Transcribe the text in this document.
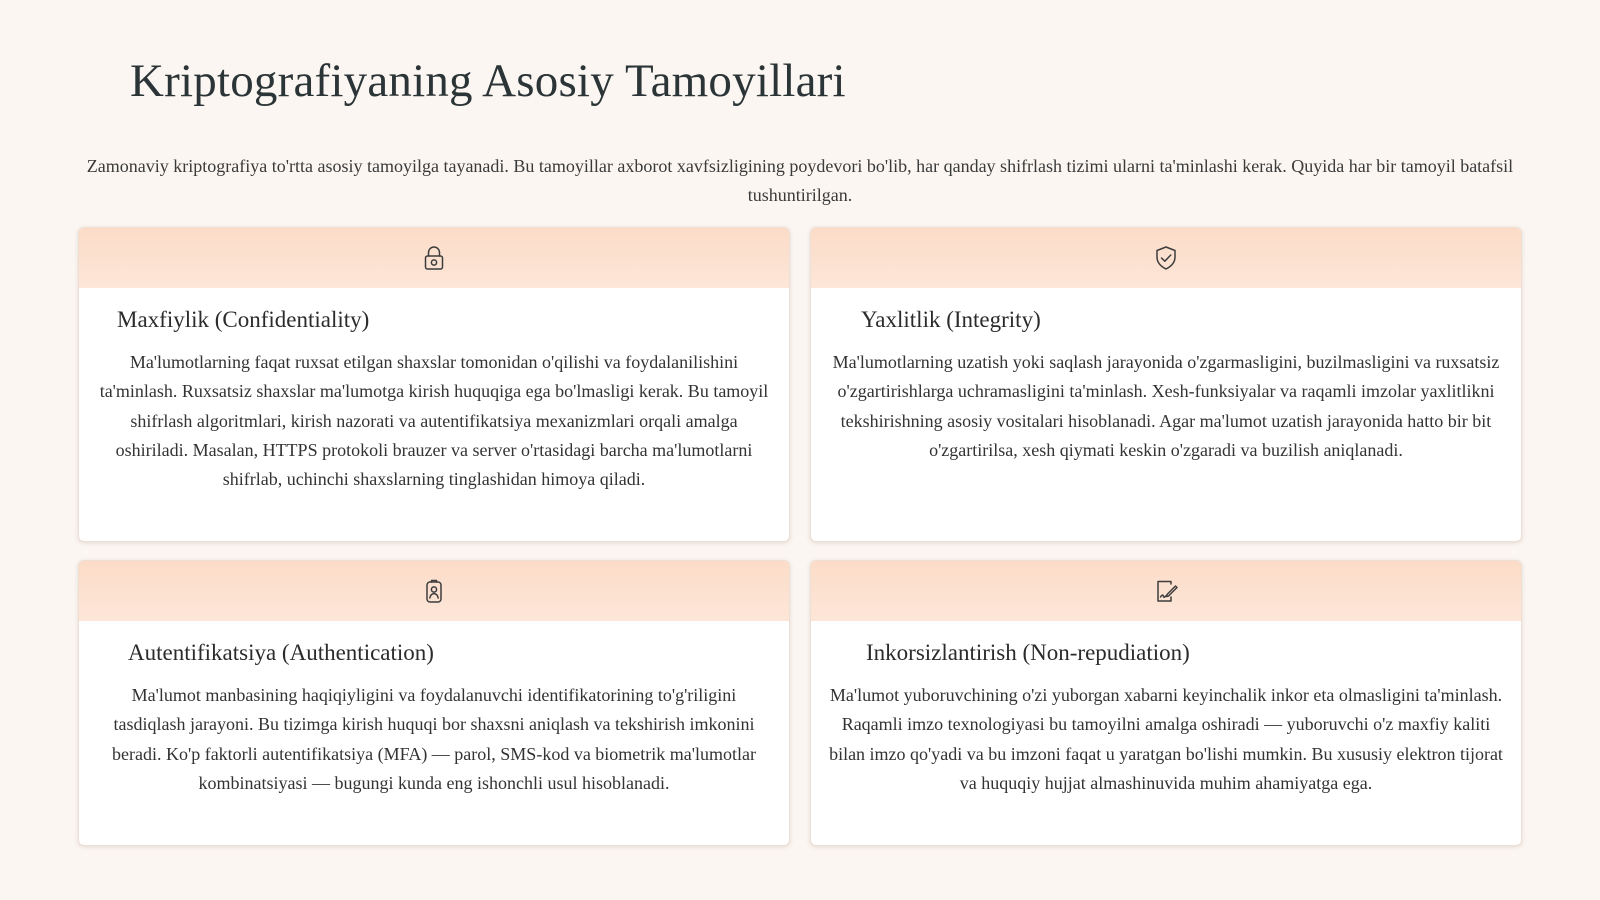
Kriptografiyaning Asosiy Tamoyillari

Zamonaviy kriptografiya to'rtta asosiy tamoyilga tayanadi. Bu tamoyillar axborot xavfsizligining poydevori bo'lib, har qanday shifrlash tizimi ularni ta'minlashi kerak. Quyida har bir tamoyil batafsil tushuntirilgan.

Maxfiylik (Confidentiality)

Ma'lumotlarning faqat ruxsat etilgan shaxslar tomonidan o'qilishi va foydalanilishini ta'minlash. Ruxsatsiz shaxslar ma'lumotga kirish huquqiga ega bo'lmasligi kerak. Bu tamoyil shifrlash algoritmlari, kirish nazorati va autentifikatsiya mexanizmlari orqali amalga oshiriladi. Masalan, HTTPS protokoli brauzer va server o'rtasidagi barcha ma'lumotlarni shifrlab, uchinchi shaxslarning tinglashidan himoya qiladi.

Yaxlitlik (Integrity)

Ma'lumotlarning uzatish yoki saqlash jarayonida o'zgarmasligini, buzilmasligini va ruxsatsiz o'zgartirishlarga uchramasligini ta'minlash. Xesh-funksiyalar va raqamli imzolar yaxlitlikni tekshirishning asosiy vositalari hisoblanadi. Agar ma'lumot uzatish jarayonida hatto bir bit o'zgartirilsa, xesh qiymati keskin o'zgaradi va buzilish aniqlanadi.

Autentifikatsiya (Authentication)

Ma'lumot manbasining haqiqiyligini va foydalanuvchi identifikatorining to'g'riligini tasdiqlash jarayoni. Bu tizimga kirish huquqi bor shaxsni aniqlash va tekshirish imkonini beradi. Ko'p faktorli autentifikatsiya (MFA) — parol, SMS-kod va biometrik ma'lumotlar kombinatsiyasi — bugungi kunda eng ishonchli usul hisoblanadi.

Inkorsizlantirish (Non-repudiation)

Ma'lumot yuboruvchining o'zi yuborgan xabarni keyinchalik inkor eta olmasligini ta'minlash. Raqamli imzo texnologiyasi bu tamoyilni amalga oshiradi — yuboruvchi o'z maxfiy kaliti bilan imzo qo'yadi va bu imzoni faqat u yaratgan bo'lishi mumkin. Bu xususiy elektron tijorat va huquqiy hujjat almashinuvida muhim ahamiyatga ega.
